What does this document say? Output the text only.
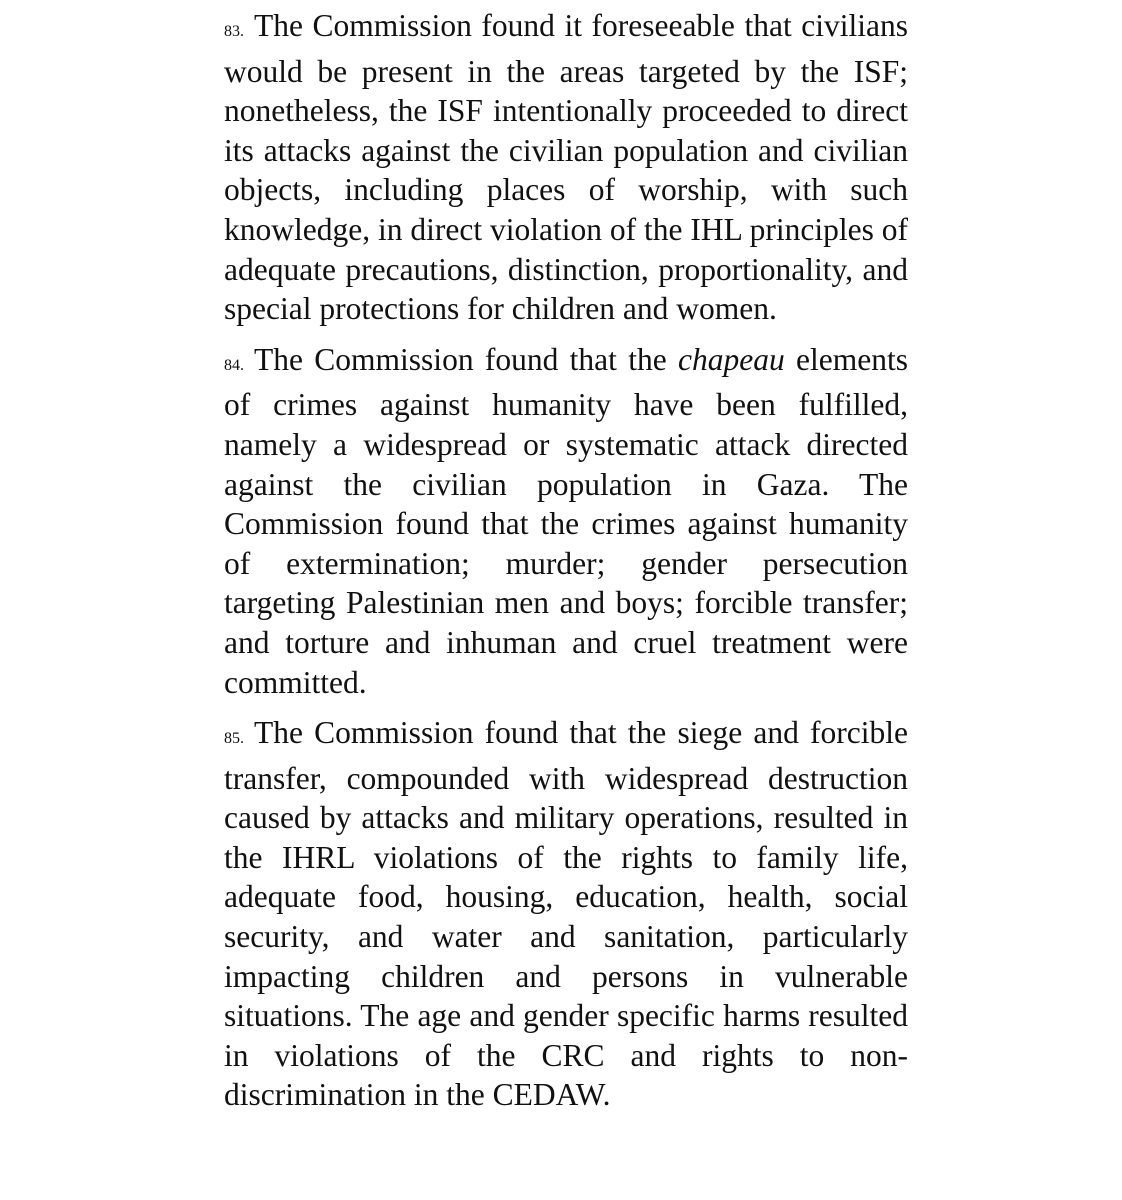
83. The Commission found it foreseeable that civilians would be present in the areas targeted by the ISF; nonetheless, the ISF intentionally proceeded to direct its attacks against the civilian population and civilian objects, including places of worship, with such knowledge, in direct violation of the IHL principles of adequate precautions, distinction, proportionality, and special protections for children and women.

84. The Commission found that the chapeau elements of crimes against humanity have been fulfilled, namely a widespread or systematic attack directed against the civilian population in Gaza. The Commission found that the crimes against humanity of extermination; murder; gender persecution targeting Palestinian men and boys; forcible transfer; and torture and inhuman and cruel treatment were committed.

85. The Commission found that the siege and forcible transfer, compounded with widespread destruction caused by attacks and military operations, resulted in the IHRL violations of the rights to family life, adequate food, housing, education, health, social security, and water and sanitation, particularly impacting children and persons in vulnerable situations. The age and gender specific harms resulted in violations of the CRC and rights to non-discrimination in the CEDAW.
